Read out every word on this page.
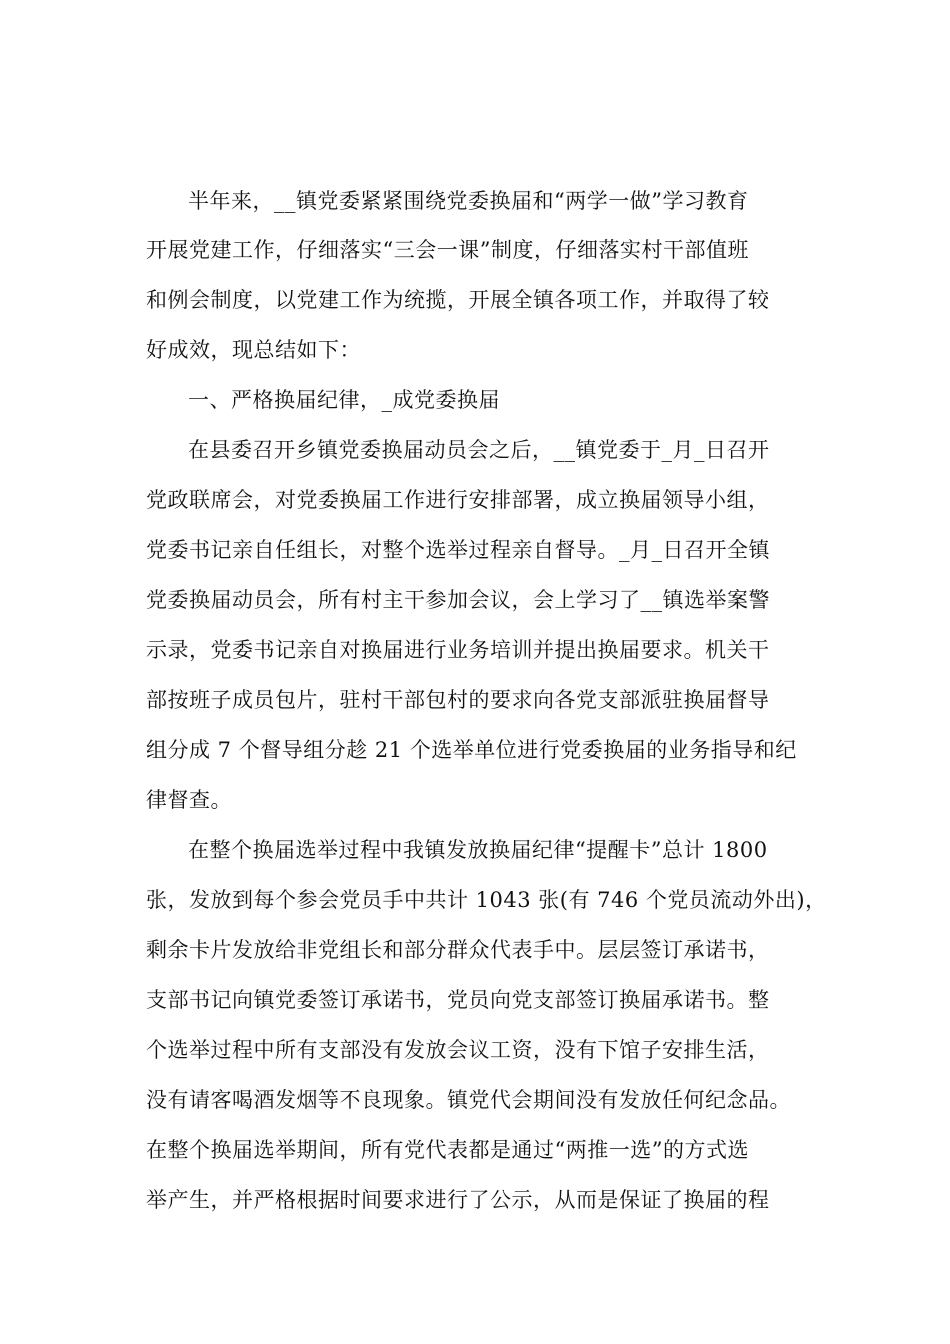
半年来，__镇党委紧紧围绕党委换届和“两学一做”学习教育
开展党建工作，仔细落实“三会一课”制度，仔细落实村干部值班
和例会制度，以党建工作为统揽，开展全镇各项工作，并取得了较
好成效，现总结如下：
一、严格换届纪律，_成党委换届
在县委召开乡镇党委换届动员会之后，__镇党委于_月_日召开
党政联席会，对党委换届工作进行安排部署，成立换届领导小组，
党委书记亲自任组长，对整个选举过程亲自督导。_月_日召开全镇
党委换届动员会，所有村主干参加会议，会上学习了__镇选举案警
示录，党委书记亲自对换届进行业务培训并提出换届要求。机关干
部按班子成员包片，驻村干部包村的要求向各党支部派驻换届督导
组分成 7 个督导组分趁 21 个选举单位进行党委换届的业务指导和纪
律督查。
在整个换届选举过程中我镇发放换届纪律“提醒卡”总计 1800
张，发放到每个参会党员手中共计 1043 张(有 746 个党员流动外出)，
剩余卡片发放给非党组长和部分群众代表手中。层层签订承诺书，
支部书记向镇党委签订承诺书，党员向党支部签订换届承诺书。整
个选举过程中所有支部没有发放会议工资，没有下馆子安排生活，
没有请客喝酒发烟等不良现象。镇党代会期间没有发放任何纪念品。
在整个换届选举期间，所有党代表都是通过“两推一选”的方式选
举产生，并严格根据时间要求进行了公示，从而是保证了换届的程
